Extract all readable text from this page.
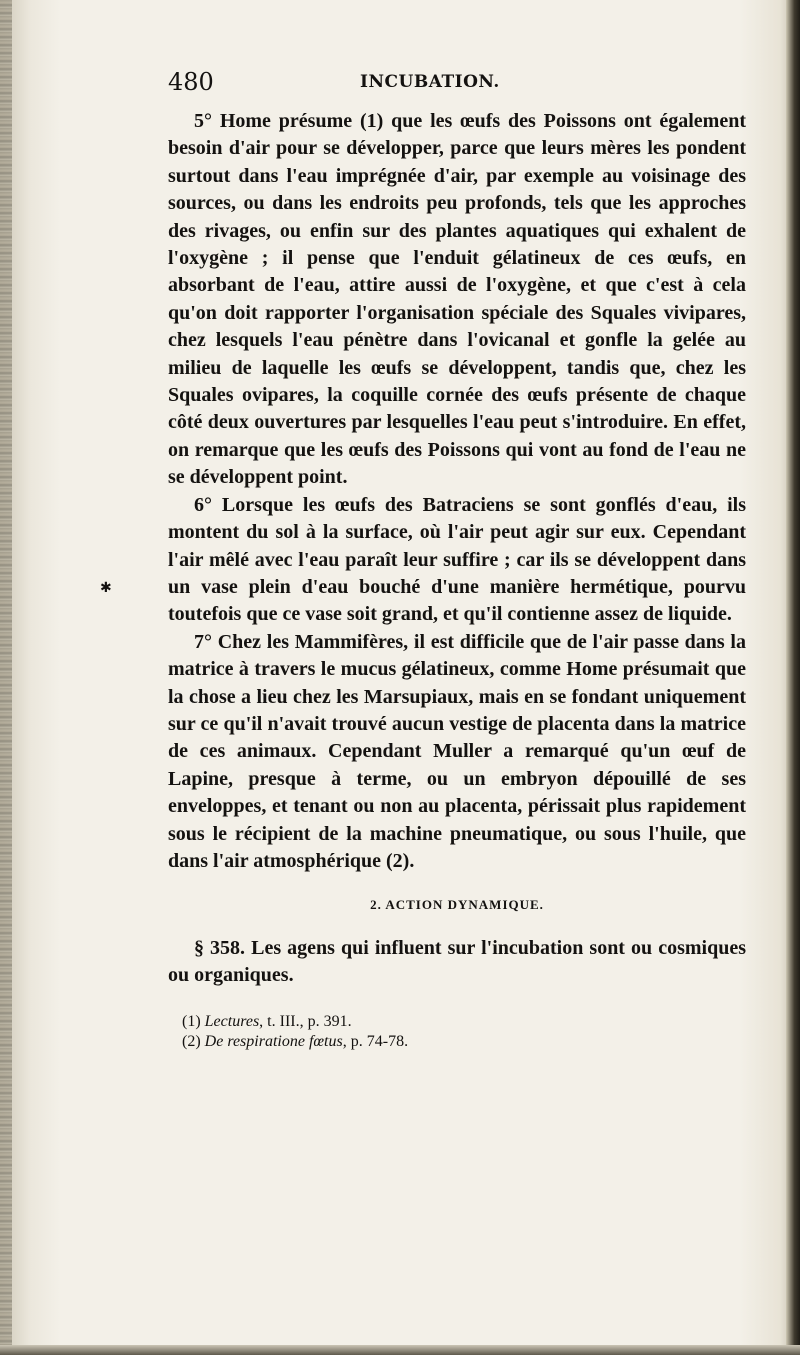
480	INCUBATION.
✱

5° Home présume (1) que les œufs des Poissons ont également besoin d'air pour se développer, parce que leurs mères les pondent surtout dans l'eau imprégnée d'air, par exemple au voisinage des sources, ou dans les endroits peu profonds, tels que les approches des rivages, ou enfin sur des plantes aquatiques qui exhalent de l'oxygène ; il pense que l'enduit gélatineux de ces œufs, en absorbant de l'eau, attire aussi de l'oxygène, et que c'est à cela qu'on doit rapporter l'organisation spéciale des Squales vivipares, chez lesquels l'eau pénètre dans l'ovicanal et gonfle la gelée au milieu de laquelle les œufs se développent, tandis que, chez les Squales ovipares, la coquille cornée des œufs présente de chaque côté deux ouvertures par lesquelles l'eau peut s'introduire. En effet, on remarque que les œufs des Poissons qui vont au fond de l'eau ne se développent point.

6° Lorsque les œufs des Batraciens se sont gonflés d'eau, ils montent du sol à la surface, où l'air peut agir sur eux. Cependant l'air mêlé avec l'eau paraît leur suffire ; car ils se développent dans un vase plein d'eau bouché d'une manière hermétique, pourvu toutefois que ce vase soit grand, et qu'il contienne assez de liquide.

7° Chez les Mammifères, il est difficile que de l'air passe dans la matrice à travers le mucus gélatineux, comme Home présumait que la chose a lieu chez les Marsupiaux, mais en se fondant uniquement sur ce qu'il n'avait trouvé aucun vestige de placenta dans la matrice de ces animaux. Cependant Muller a remarqué qu'un œuf de Lapine, presque à terme, ou un embryon dépouillé de ses enveloppes, et tenant ou non au placenta, périssait plus rapidement sous le récipient de la machine pneumatique, ou sous l'huile, que dans l'air atmosphérique (2).

2. ACTION DYNAMIQUE.

§ 358. Les agens qui influent sur l'incubation sont ou cosmiques ou organiques.

(1) Lectures, t. III., p. 391.

(2) De respiratione fœtus, p. 74-78.
